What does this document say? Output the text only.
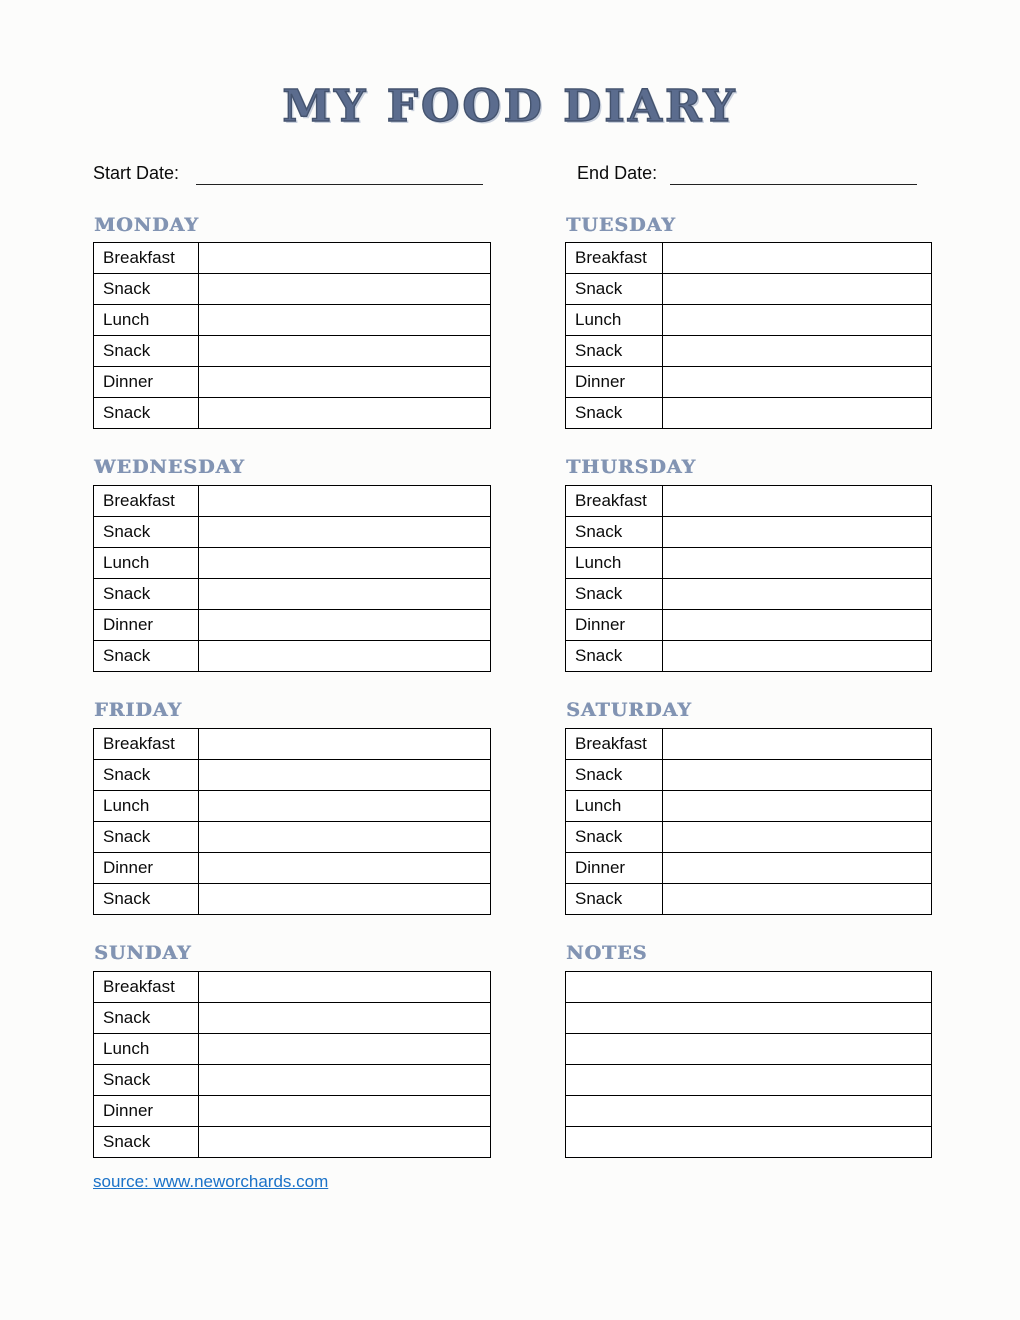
MY FOOD DIARY
Start Date:	End Date:
MONDAY
Breakfast	
Snack	
Lunch	
Snack	
Dinner	
Snack	
TUESDAY
Breakfast	
Snack	
Lunch	
Snack	
Dinner	
Snack	
WEDNESDAY
Breakfast	
Snack	
Lunch	
Snack	
Dinner	
Snack	
THURSDAY
Breakfast	
Snack	
Lunch	
Snack	
Dinner	
Snack	
FRIDAY
Breakfast	
Snack	
Lunch	
Snack	
Dinner	
Snack	
SATURDAY
Breakfast	
Snack	
Lunch	
Snack	
Dinner	
Snack	
SUNDAY
Breakfast	
Snack	
Lunch	
Snack	
Dinner	
Snack	
NOTES

source: www.neworchards.com
